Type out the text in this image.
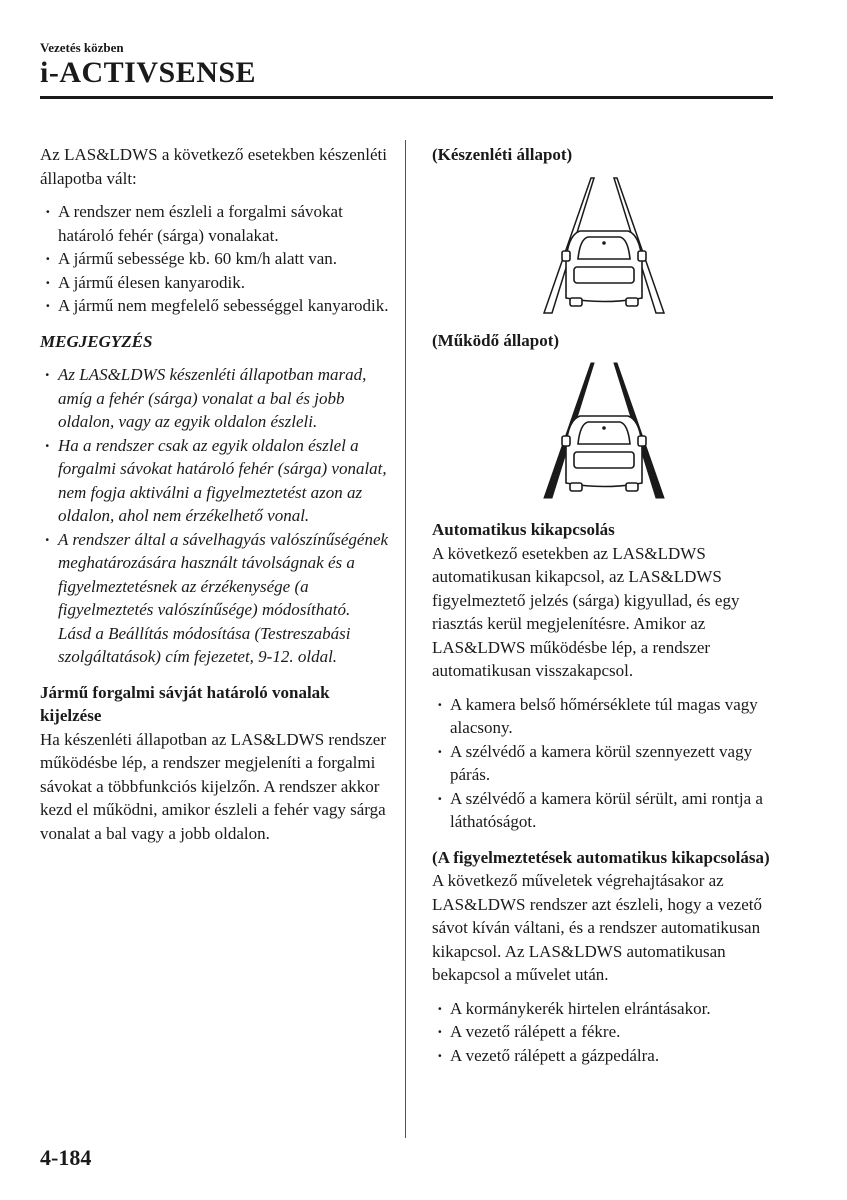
Vezetés közben
i-ACTIVSENSE

Az LAS&LDWS a következő esetekben készenléti állapotba vált:

· A rendszer nem észleli a forgalmi sávokat határoló fehér (sárga) vonalakat.
· A jármű sebessége kb. 60 km/h alatt van.
· A jármű élesen kanyarodik.
· A jármű nem megfelelő sebességgel kanyarodik.

MEGJEGYZÉS

· Az LAS&LDWS készenléti állapotban marad, amíg a fehér (sárga) vonalat a bal és jobb oldalon, vagy az egyik oldalon észleli.
· Ha a rendszer csak az egyik oldalon észlel a forgalmi sávokat határoló fehér (sárga) vonalat, nem fogja aktiválni a figyelmeztetést azon az oldalon, ahol nem érzékelhető vonal.
· A rendszer által a sávelhagyás valószínűségének meghatározására használt távolságnak és a figyelmeztetésnek az érzékenysége (a figyelmeztetés valószínűsége) módosítható.

Lásd a Beállítás módosítása (Testreszabási szolgáltatások) cím fejezetet, 9-12. oldal.

Jármű forgalmi sávját határoló vonalak kijelzése

Ha készenléti állapotban az LAS&LDWS rendszer működésbe lép, a rendszer megjeleníti a forgalmi sávokat a többfunkciós kijelzőn. A rendszer akkor kezd el működni, amikor észleli a fehér vagy sárga vonalat a bal vagy a jobb oldalon.

(Készenléti állapot)

(Működő állapot)

Automatikus kikapcsolás

A következő esetekben az LAS&LDWS automatikusan kikapcsol, az LAS&LDWS figyelmeztető jelzés (sárga) kigyullad, és egy riasztás kerül megjelenítésre. Amikor az LAS&LDWS működésbe lép, a rendszer automatikusan visszakapcsol.

· A kamera belső hőmérséklete túl magas vagy alacsony.
· A szélvédő a kamera körül szennyezett vagy párás.
· A szélvédő a kamera körül sérült, ami rontja a láthatóságot.

(A figyelmeztetések automatikus kikapcsolása)

A következő műveletek végrehajtásakor az LAS&LDWS rendszer azt észleli, hogy a vezető sávot kíván váltani, és a rendszer automatikusan kikapcsol. Az LAS&LDWS automatikusan bekapcsol a művelet után.

· A kormánykerék hirtelen elrántásakor.
· A vezető rálépett a fékre.
· A vezető rálépett a gázpedálra.
4-184
